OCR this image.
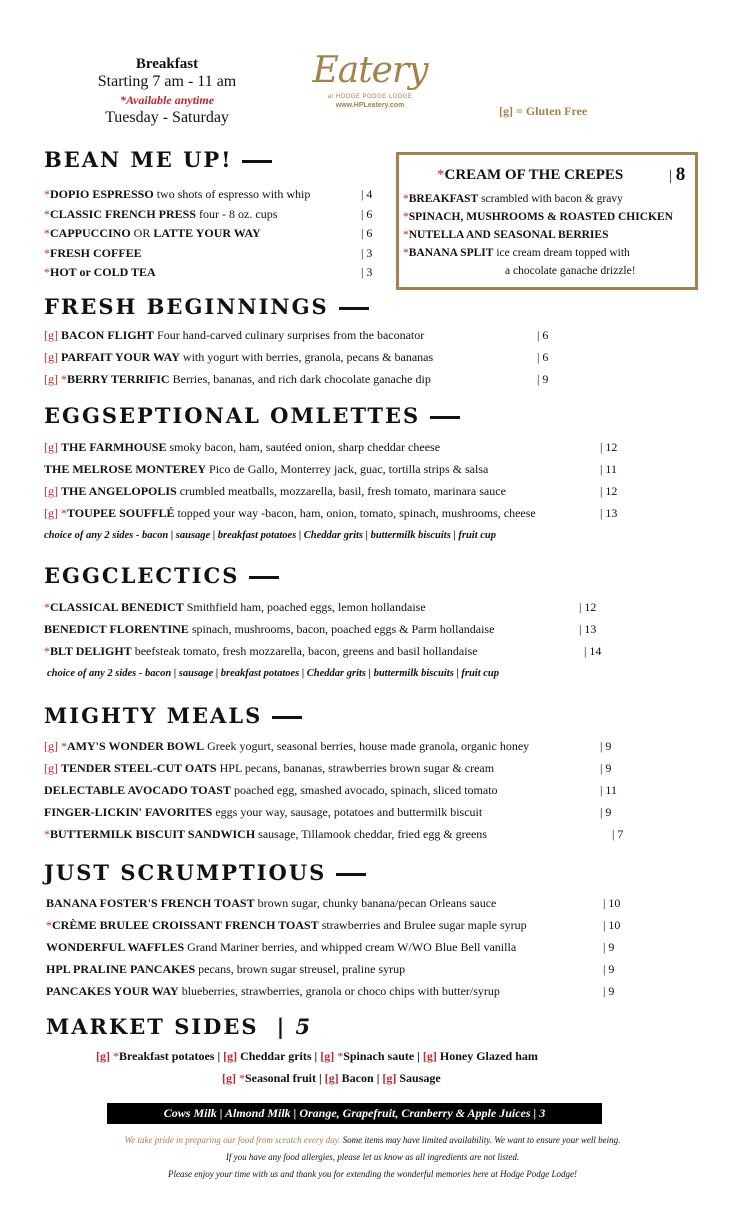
Breakfast
Starting 7 am - 11 am
*Available anytime
Tuesday - Saturday
Eatery
at HODGE PODGE LODGE
www.HPLeatery.com	[g] = Gluten Free
BEAN ME UP!
*DOPIO ESPRESSO two shots of espresso with whip	| 4
*CLASSIC FRENCH PRESS four - 8 oz. cups	| 6
*CAPPUCCINO OR LATTE YOUR WAY	| 6
*FRESH COFFEE	| 3
*HOT or COLD TEA	| 3
*CREAM OF THE CREPES	| 8
*BREAKFAST scrambled with bacon & gravy
*SPINACH, MUSHROOMS & ROASTED CHICKEN
*NUTELLA AND SEASONAL BERRIES
*BANANA SPLIT ice cream dream topped with
a chocolate ganache drizzle!
FRESH BEGINNINGS
[g] BACON FLIGHT Four hand-carved culinary surprises from the baconator	| 6
[g] PARFAIT YOUR WAY with yogurt with berries, granola, pecans & bananas	| 6
[g] *BERRY TERRIFIC Berries, bananas, and rich dark chocolate ganache dip	| 9
EGGSEPTIONAL OMLETTES
[g] THE FARMHOUSE smoky bacon, ham, sautéed onion, sharp cheddar cheese	| 12
THE MELROSE MONTEREY Pico de Gallo, Monterrey jack, guac, tortilla strips & salsa	| 11
[g] THE ANGELOPOLIS crumbled meatballs, mozzarella, basil, fresh tomato, marinara sauce	| 12
[g] *TOUPEE SOUFFLÉ topped your way -bacon, ham, onion, tomato, spinach, mushrooms, cheese	| 13
choice of any 2 sides - bacon | sausage | breakfast potatoes | Cheddar grits | buttermilk biscuits | fruit cup
EGGCLECTICS
*CLASSICAL BENEDICT Smithfield ham, poached eggs, lemon hollandaise	| 12
BENEDICT FLORENTINE spinach, mushrooms, bacon, poached eggs & Parm hollandaise	| 13
*BLT DELIGHT beefsteak tomato, fresh mozzarella, bacon, greens and basil hollandaise	| 14
choice of any 2 sides - bacon | sausage | breakfast potatoes | Cheddar grits | buttermilk biscuits | fruit cup
MIGHTY MEALS
[g] *AMY'S WONDER BOWL Greek yogurt, seasonal berries, house made granola, organic honey	| 9
[g] TENDER STEEL-CUT OATS HPL pecans, bananas, strawberries brown sugar & cream	| 9
DELECTABLE AVOCADO TOAST poached egg, smashed avocado, spinach, sliced tomato	| 11
FINGER-LICKIN' FAVORITES eggs your way, sausage, potatoes and buttermilk biscuit	| 9
*BUTTERMILK BISCUIT SANDWICH sausage, Tillamook cheddar, fried egg & greens	| 7
JUST SCRUMPTIOUS
BANANA FOSTER'S FRENCH TOAST brown sugar, chunky banana/pecan Orleans sauce	| 10
*CRÈME BRULEE CROISSANT FRENCH TOAST strawberries and Brulee sugar maple syrup	| 10
WONDERFUL WAFFLES Grand Mariner berries, and whipped cream W/WO Blue Bell vanilla	| 9
HPL PRALINE PANCAKES pecans, brown sugar streusel, praline syrup	| 9
PANCAKES YOUR WAY blueberries, strawberries, granola or choco chips with butter/syrup	| 9
MARKET SIDES | 5
[g] *Breakfast potatoes | [g] Cheddar grits | [g] *Spinach saute | [g] Honey Glazed ham
[g] *Seasonal fruit | [g] Bacon | [g] Sausage
Cows Milk | Almond Milk | Orange, Grapefruit, Cranberry & Apple Juices | 3
We take pride in preparing our food from scratch every day. Some items may have limited availability. We want to ensure your well being.
If you have any food allergies, please let us know as all ingredients are not listed.
Please enjoy your time with us and thank you for extending the wonderful memories here at Hodge Podge Lodge!
